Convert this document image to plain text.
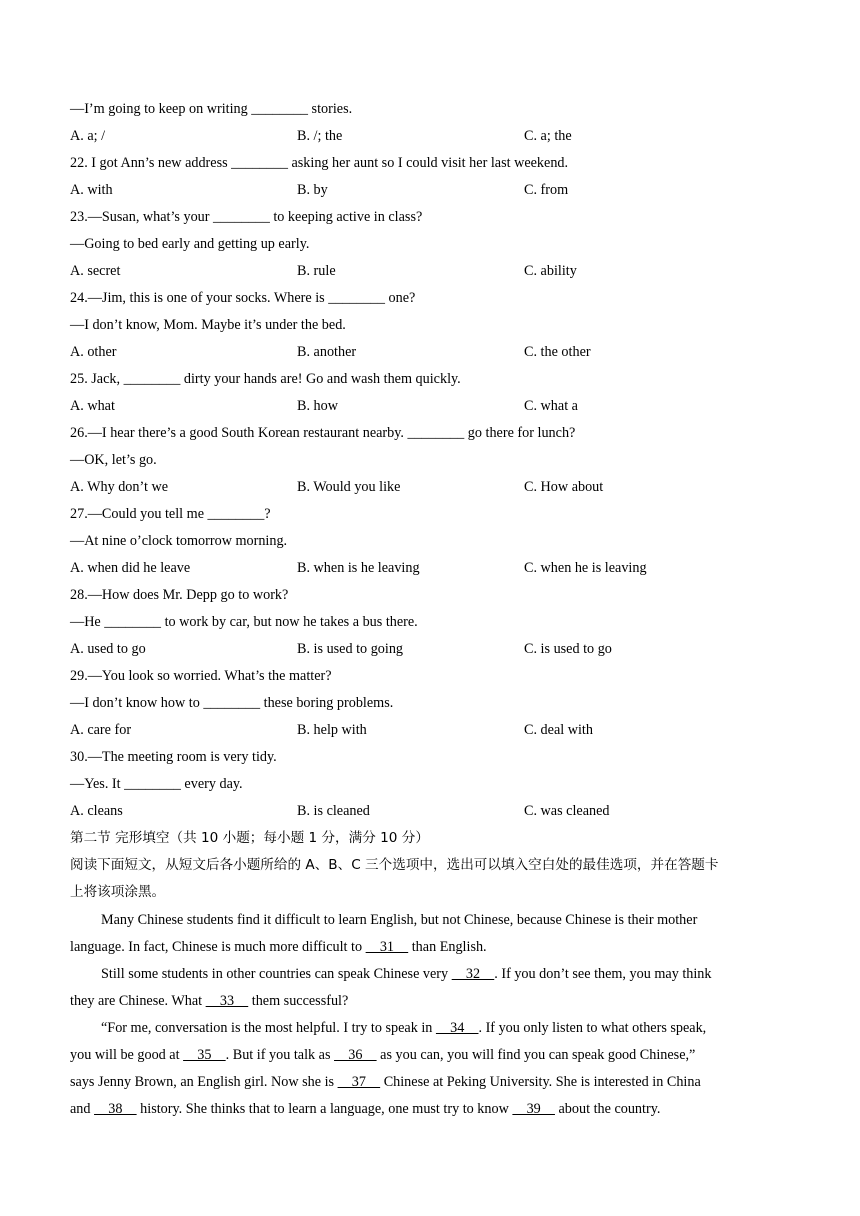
—I’m going to keep on writing ________ stories.
A. a; /	B. /; the	C. a; the
22. I got Ann’s new address ________ asking her aunt so I could visit her last weekend.
A. with	B. by	C. from
23.—Susan, what’s your ________ to keeping active in class?
—Going to bed early and getting up early.
A. secret	B. rule	C. ability
24.—Jim, this is one of your socks. Where is ________ one?
—I don’t know, Mom. Maybe it’s under the bed.
A. other	B. another	C. the other
25. Jack, ________ dirty your hands are! Go and wash them quickly.
A. what	B. how	C. what a
26.—I hear there’s a good South Korean restaurant nearby. ________ go there for lunch?
—OK, let’s go.
A. Why don’t we	B. Would you like	C. How about
27.—Could you tell me ________?
—At nine o’clock tomorrow morning.
A. when did he leave	B. when is he leaving	C. when he is leaving
28.—How does Mr. Depp go to work?
—He ________ to work by car, but now he takes a bus there.
A. used to go	B. is used to going	C. is used to go
29.—You look so worried. What’s the matter?
—I don’t know how to ________ these boring problems.
A. care for	B. help with	C. deal with
30.—The meeting room is very tidy.
—Yes. It ________ every day.
A. cleans	B. is cleaned	C. was cleaned
第二节 完形填空（共 10 小题；每小题 1 分，满分 10 分）
阅读下面短文，从短文后各小题所给的 A、B、C 三个选项中，选出可以填入空白处的最佳选项，并在答题卡
上将该项涂黑。
Many Chinese students find it difficult to learn English, but not Chinese, because Chinese is their mother
language. In fact, Chinese is much more difficult to     31     than English.
Still some students in other countries can speak Chinese very     32    . If you don’t see them, you may think
they are Chinese. What     33     them successful?
“For me, conversation is the most helpful. I try to speak in     34    . If you only listen to what others speak,
you will be good at     35    . But if you talk as     36     as you can, you will find you can speak good Chinese,”
says Jenny Brown, an English girl. Now she is     37     Chinese at Peking University. She is interested in China
and     38     history. She thinks that to learn a language, one must try to know     39     about the country.
